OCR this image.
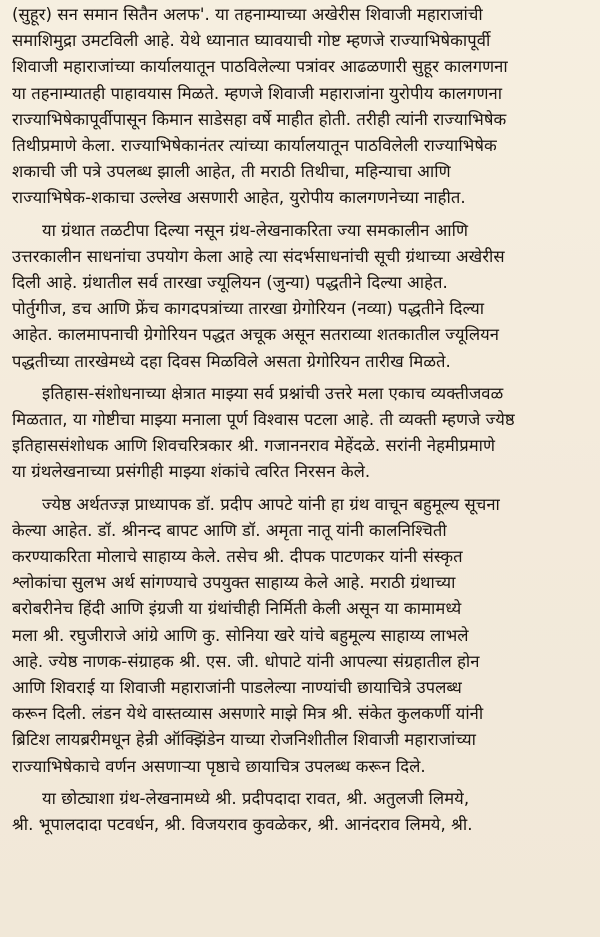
(सुहूर) सन समान सितैन अलफ'. या तहनाम्याच्या अखेरीस शिवाजी महाराजांची
समाशिमुद्रा उमटविली आहे. येथे ध्यानात घ्यावयाची गोष्ट म्हणजे राज्याभिषेकापूर्वी
शिवाजी महाराजांच्या कार्यालयातून पाठविलेल्या पत्रांवर आढळणारी सुहूर कालगणना
या तहनाम्यातही पाहावयास मिळते. म्हणजे शिवाजी महाराजांना युरोपीय कालगणना
राज्याभिषेकापूर्वीपासून किमान साडेसहा वर्षे माहीत होती. तरीही त्यांनी राज्याभिषेक
तिथीप्रमाणे केला. राज्याभिषेकानंतर त्यांच्या कार्यालयातून पाठविलेली राज्याभिषेक
शकाची जी पत्रे उपलब्ध झाली आहेत, ती मराठी तिथीचा, महिन्याचा आणि
राज्याभिषेक-शकाचा उल्लेख असणारी आहेत, युरोपीय कालगणनेच्या नाहीत.
या ग्रंथात तळटीपा दिल्या नसून ग्रंथ-लेखनाकरिता ज्या समकालीन आणि
उत्तरकालीन साधनांचा उपयोग केला आहे त्या संदर्भसाधनांची सूची ग्रंथाच्या अखेरीस
दिली आहे. ग्रंथातील सर्व तारखा ज्यूलियन (जुन्या) पद्धतीने दिल्या आहेत.
पोर्तुगीज, डच आणि फ्रेंच कागदपत्रांच्या तारखा ग्रेगोरियन (नव्या) पद्धतीने दिल्या
आहेत. कालमापनाची ग्रेगोरियन पद्धत अचूक असून सतराव्या शतकातील ज्यूलियन
पद्धतीच्या तारखेमध्ये दहा दिवस मिळविले असता ग्रेगोरियन तारीख मिळते.
इतिहास-संशोधनाच्या क्षेत्रात माझ्या सर्व प्रश्नांची उत्तरे मला एकाच व्यक्तीजवळ
मिळतात, या गोष्टीचा माझ्या मनाला पूर्ण विश्वास पटला आहे. ती व्यक्ती म्हणजे ज्येष्ठ
इतिहाससंशोधक आणि शिवचरित्रकार श्री. गजाननराव मेहेंदळे. सरांनी नेहमीप्रमाणे
या ग्रंथलेखनाच्या प्रसंगीही माझ्या शंकांचे त्वरित निरसन केले.
ज्येष्ठ अर्थतज्ज्ञ प्राध्यापक डॉ. प्रदीप आपटे यांनी हा ग्रंथ वाचून बहुमूल्य सूचना
केल्या आहेत. डॉ. श्रीनन्द बापट आणि डॉ. अमृता नातू यांनी कालनिश्चिती
करण्याकरिता मोलाचे साहाय्य केले. तसेच श्री. दीपक पाटणकर यांनी संस्कृत
श्लोकांचा सुलभ अर्थ सांगण्याचे उपयुक्त साहाय्य केले आहे. मराठी ग्रंथाच्या
बरोबरीनेच हिंदी आणि इंग्रजी या ग्रंथांचीही निर्मिती केली असून या कामामध्ये
मला श्री. रघुजीराजे आंग्रे आणि कु. सोनिया खरे यांचे बहुमूल्य साहाय्य लाभले
आहे. ज्येष्ठ नाणक-संग्राहक श्री. एस. जी. धोपाटे यांनी आपल्या संग्रहातील होन
आणि शिवराई या शिवाजी महाराजांनी पाडलेल्या नाण्यांची छायाचित्रे उपलब्ध
करून दिली. लंडन येथे वास्तव्यास असणारे माझे मित्र श्री. संकेत कुलकर्णी यांनी
ब्रिटिश लायब्ररीमधून हेन्री ऑक्झिंडेन याच्या रोजनिशीतील शिवाजी महाराजांच्या
राज्याभिषेकाचे वर्णन असणाऱ्या पृष्ठाचे छायाचित्र उपलब्ध करून दिले.
या छोट्याशा ग्रंथ-लेखनामध्ये श्री. प्रदीपदादा रावत, श्री. अतुलजी लिमये,
श्री. भूपालदादा पटवर्धन, श्री. विजयराव कुवळेकर, श्री. आनंदराव लिमये, श्री.
